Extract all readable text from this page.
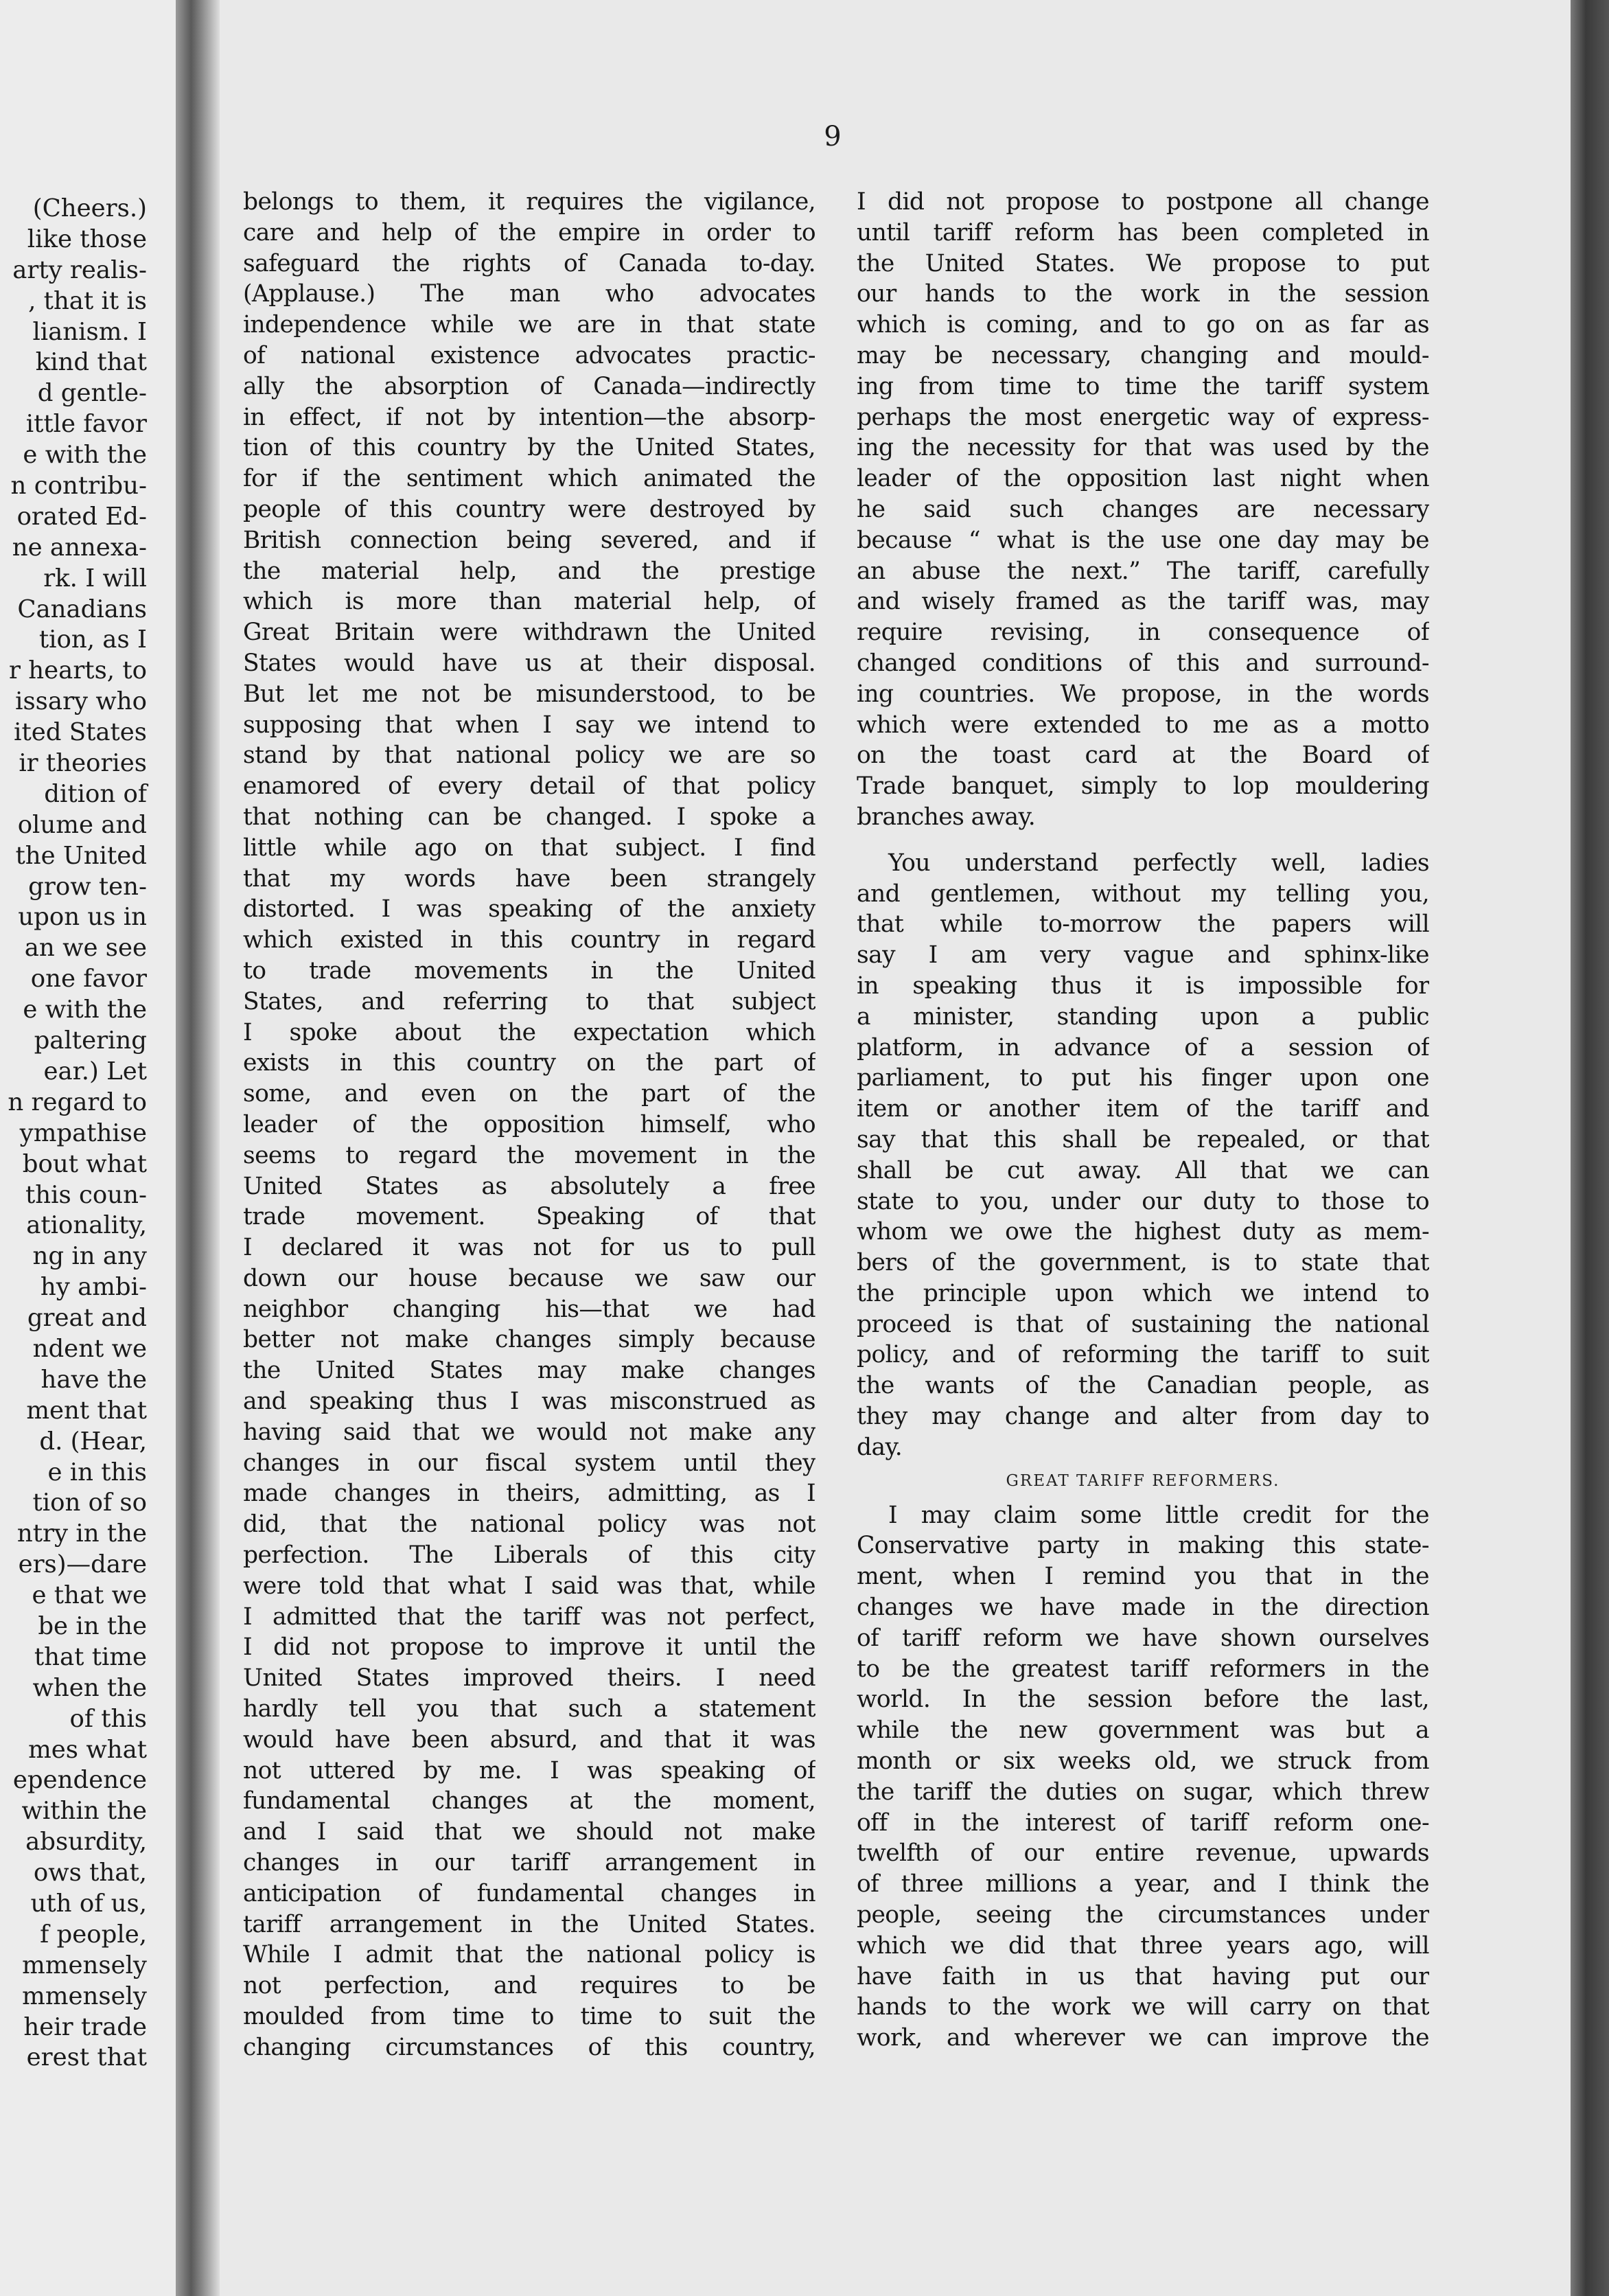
(Cheers.)
like those
arty realis-
, that it is
lianism. I
kind that
d gentle-
ittle favor
e with the
n contribu-
orated Ed-
ne annexa-
rk. I will
Canadians
tion, as I
r hearts, to
issary who
ited States
ir theories
dition of
olume and
the United
grow ten-
upon us in
an we see
one favor
e with the
paltering
ear.) Let
n regard to
ympathise
bout what
this coun-
ationality,
ng in any
hy ambi-
great and
ndent we
have the
ment that
d. (Hear,
e in this
tion of so
ntry in the
ers)—dare
e that we
be in the
that time
when the
of this
mes what
ependence
within the
absurdity,
ows that,
uth of us,
f people,
mmensely
mmensely
heir trade
erest that
9
belongs to them, it requires the vigilance,
care and help of the empire in order to
safeguard the rights of Canada to-day.
(Applause.) The man who advocates
independence while we are in that state
of national existence advocates practic-
ally the absorption of Canada—indirectly
in effect, if not by intention—the absorp-
tion of this country by the United States,
for if the sentiment which animated the
people of this country were destroyed by
British connection being severed, and if
the material help, and the prestige
which is more than material help, of
Great Britain were withdrawn the United
States would have us at their disposal.
But let me not be misunderstood, to be
supposing that when I say we intend to
stand by that national policy we are so
enamored of every detail of that policy
that nothing can be changed. I spoke a
little while ago on that subject. I find
that my words have been strangely
distorted. I was speaking of the anxiety
which existed in this country in regard
to trade movements in the United
States, and referring to that subject
I spoke about the expectation which
exists in this country on the part of
some, and even on the part of the
leader of the opposition himself, who
seems to regard the movement in the
United States as absolutely a free
trade movement. Speaking of that
I declared it was not for us to pull
down our house because we saw our
neighbor changing his—that we had
better not make changes simply because
the United States may make changes
and speaking thus I was misconstrued as
having said that we would not make any
changes in our fiscal system until they
made changes in theirs, admitting, as I
did, that the national policy was not
perfection. The Liberals of this city
were told that what I said was that, while
I admitted that the tariff was not perfect,
I did not propose to improve it until the
United States improved theirs. I need
hardly tell you that such a statement
would have been absurd, and that it was
not uttered by me. I was speaking of
fundamental changes at the moment,
and I said that we should not make
changes in our tariff arrangement in
anticipation of fundamental changes in
tariff arrangement in the United States.
While I admit that the national policy is
not perfection, and requires to be
moulded from time to time to suit the
changing circumstances of this country,
I did not propose to postpone all change
until tariff reform has been completed in
the United States. We propose to put
our hands to the work in the session
which is coming, and to go on as far as
may be necessary, changing and mould-
ing from time to time the tariff system
perhaps the most energetic way of express-
ing the necessity for that was used by the
leader of the opposition last night when
he said such changes are necessary
because “ what is the use one day may be
an abuse the next.” The tariff, carefully
and wisely framed as the tariff was, may
require revising, in consequence of
changed conditions of this and surround-
ing countries. We propose, in the words
which were extended to me as a motto
on the toast card at the Board of
Trade banquet, simply to lop mouldering
branches away.
You understand perfectly well, ladies
and gentlemen, without my telling you,
that while to-morrow the papers will
say I am very vague and sphinx-like
in speaking thus it is impossible for
a minister, standing upon a public
platform, in advance of a session of
parliament, to put his finger upon one
item or another item of the tariff and
say that this shall be repealed, or that
shall be cut away. All that we can
state to you, under our duty to those to
whom we owe the highest duty as mem-
bers of the government, is to state that
the principle upon which we intend to
proceed is that of sustaining the national
policy, and of reforming the tariff to suit
the wants of the Canadian people, as
they may change and alter from day to
day.
GREAT TARIFF REFORMERS.
I may claim some little credit for the
Conservative party in making this state-
ment, when I remind you that in the
changes we have made in the direction
of tariff reform we have shown ourselves
to be the greatest tariff reformers in the
world. In the session before the last,
while the new government was but a
month or six weeks old, we struck from
the tariff the duties on sugar, which threw
off in the interest of tariff reform one-
twelfth of our entire revenue, upwards
of three millions a year, and I think the
people, seeing the circumstances under
which we did that three years ago, will
have faith in us that having put our
hands to the work we will carry on that
work, and wherever we can improve the
